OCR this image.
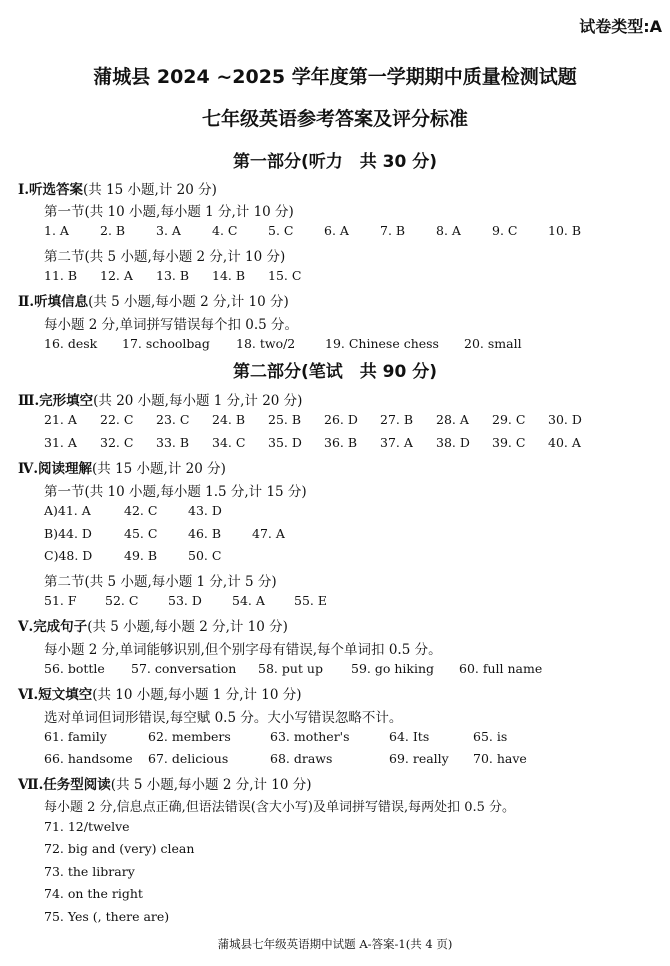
试卷类型:A
蒲城县 2024 ~2025 学年度第一学期期中质量检测试题
七年级英语参考答案及评分标准
第一部分(听力　共 30 分)
Ⅰ.听选答案(共 15 小题,计 20 分)
第一节(共 10 小题,每小题 1 分,计 10 分)
1. A 2. B 3. A 4. C 5. C 6. A 7. B 8. A 9. C 10. B
第二节(共 5 小题,每小题 2 分,计 10 分)
11. B 12. A 13. B 14. B 15. C
Ⅱ.听填信息(共 5 小题,每小题 2 分,计 10 分)
每小题 2 分,单词拼写错误每个扣 0.5 分。
16. desk 17. schoolbag 18. two/2 19. Chinese chess 20. small
第二部分(笔试　共 90 分)
Ⅲ.完形填空(共 20 小题,每小题 1 分,计 20 分)
21. A 22. C 23. C 24. B 25. B 26. D 27. B 28. A 29. C 30. D
31. A 32. C 33. B 34. C 35. D 36. B 37. A 38. D 39. C 40. A
Ⅳ.阅读理解(共 15 小题,计 20 分)
第一节(共 10 小题,每小题 1.5 分,计 15 分)
A)41. A	42. C 43. D
B)44. D	45. C 46. B 47. A
C)48. D	49. B 50. C
第二节(共 5 小题,每小题 1 分,计 5 分)
51. F 52. C 53. D 54. A 55. E
Ⅴ.完成句子(共 5 小题,每小题 2 分,计 10 分)
每小题 2 分,单词能够识别,但个别字母有错误,每个单词扣 0.5 分。
56. bottle 57. conversation 58. put up 59. go hiking 60. full name
Ⅵ.短文填空(共 10 小题,每小题 1 分,计 10 分)
选对单词但词形错误,每空赋 0.5 分。大小写错误忽略不计。
61. family	62. members	63. mother's	64. Its	65. is
66. handsome 67. delicious	68. draws	69. really 70. have
Ⅶ.任务型阅读(共 5 小题,每小题 2 分,计 10 分)
每小题 2 分,信息点正确,但语法错误(含大小写)及单词拼写错误,每两处扣 0.5 分。
71. 12/twelve
72. big and (very) clean
73. the library
74. on the right
75. Yes (, there are)
蒲城县七年级英语期中试题 A-答案-1(共 4 页)
